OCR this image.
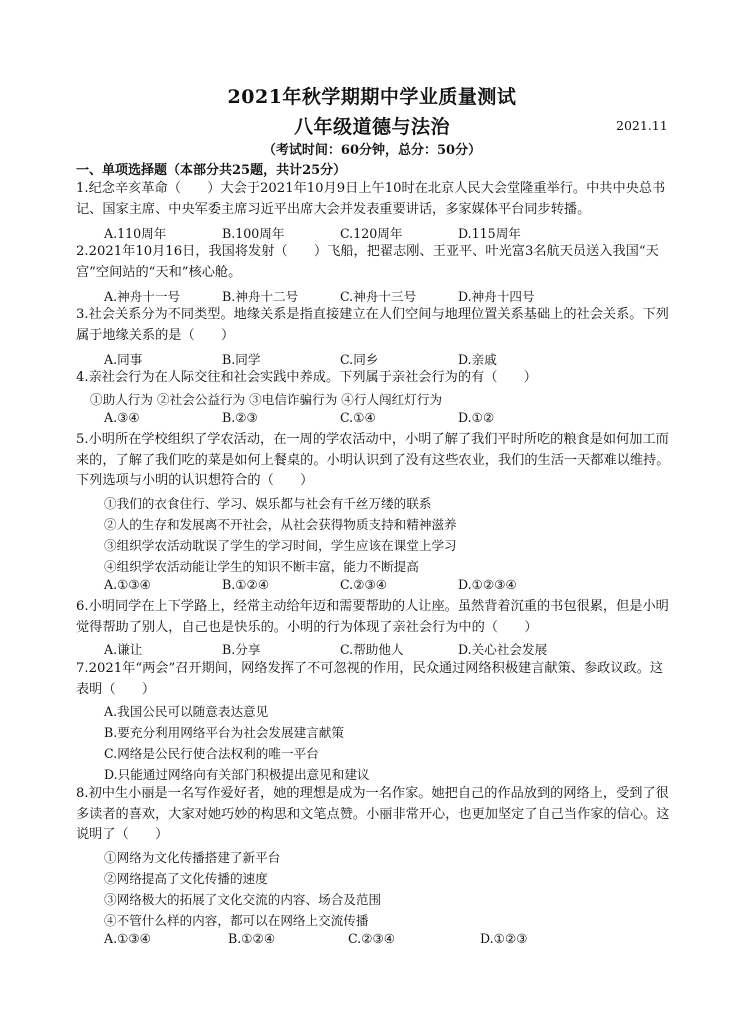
2021年秋学期期中学业质量测试
八年级道德与法治	2021.11
（考试时间：60分钟，总分：50分）
一、单项选择题（本部分共25题，共计25分）
1.纪念辛亥革命（　　）大会于2021年10月9日上午10时在北京人民大会堂隆重举行。中共中央总书记、国家主席、中央军委主席习近平出席大会并发表重要讲话，多家媒体平台同步转播。
A.110周年	B.100周年	C.120周年	D.115周年
2.2021年10月16日，我国将发射（　　）飞船，把翟志刚、王亚平、叶光富3名航天员送入我国“天宫”空间站的“天和”核心舱。
A.神舟十一号	B.神舟十二号	C.神舟十三号	D.神舟十四号
3.社会关系分为不同类型。地缘关系是指直接建立在人们空间与地理位置关系基础上的社会关系。下列属于地缘关系的是（　　）
A.同事	B.同学	C.同乡	D.亲戚
4.亲社会行为在人际交往和社会实践中养成。下列属于亲社会行为的有（　　）
①助人行为 ②社会公益行为 ③电信诈骗行为 ④行人闯红灯行为
A.③④	B.②③	C.①④	D.①②
5.小明所在学校组织了学农活动，在一周的学农活动中，小明了解了我们平时所吃的粮食是如何加工而来的，了解了我们吃的菜是如何上餐桌的。小明认识到了没有这些农业，我们的生活一天都难以维持。下列选项与小明的认识想符合的（　　）
①我们的衣食住行、学习、娱乐都与社会有千丝万缕的联系
②人的生存和发展离不开社会，从社会获得物质支持和精神滋养
③组织学农活动耽误了学生的学习时间，学生应该在课堂上学习
④组织学农活动能让学生的知识不断丰富，能力不断提高
A.①③④	B.①②④	C.②③④	D.①②③④
6.小明同学在上下学路上，经常主动给年迈和需要帮助的人让座。虽然背着沉重的书包很累，但是小明觉得帮助了别人，自己也是快乐的。小明的行为体现了亲社会行为中的（　　）
A.谦让	B.分享	C.帮助他人	D.关心社会发展
7.2021年“两会”召开期间，网络发挥了不可忽视的作用，民众通过网络积极建言献策、参政议政。这表明（　　）
A.我国公民可以随意表达意见
B.要充分利用网络平台为社会发展建言献策
C.网络是公民行使合法权利的唯一平台
D.只能通过网络向有关部门积极提出意见和建议
8.初中生小丽是一名写作爱好者，她的理想是成为一名作家。她把自己的作品放到的网络上，受到了很多读者的喜欢，大家对她巧妙的构思和文笔点赞。小丽非常开心，也更加坚定了自己当作家的信心。这说明了（　　）
①网络为文化传播搭建了新平台
②网络提高了文化传播的速度
③网络极大的拓展了文化交流的内容、场合及范围
④不管什么样的内容，都可以在网络上交流传播
A.①③④	B.①②④	C.②③④	D.①②③
